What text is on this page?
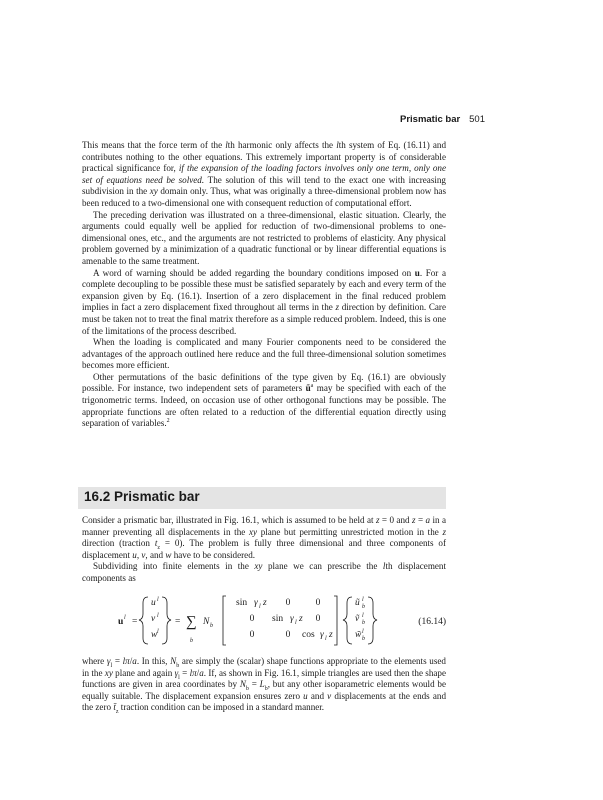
Prismatic bar 501

This means that the force term of the lth harmonic only affects the lth system of Eq. (16.11) and contributes nothing to the other equations. This extremely important property is of considerable practical significance for, if the expansion of the loading factors involves only one term, only one set of equations need be solved. The solution of this will tend to the exact one with increasing subdivision in the xy domain only. Thus, what was originally a three-dimensional problem now has been reduced to a two-dimensional one with consequent reduction of computational effort.

The preceding derivation was illustrated on a three-dimensional, elastic situation. Clearly, the arguments could equally well be applied for reduction of two-dimensional problems to one-dimensional ones, etc., and the arguments are not restricted to problems of elasticity. Any physical problem governed by a minimization of a quadratic functional or by linear differential equations is amenable to the same treatment.

A word of warning should be added regarding the boundary conditions imposed on u. For a complete decoupling to be possible these must be satisfied separately by each and every term of the expansion given by Eq. (16.1). Insertion of a zero displacement in the final reduced problem implies in fact a zero displacement fixed throughout all terms in the z direction by definition. Care must be taken not to treat the final matrix therefore as a simple reduced problem. Indeed, this is one of the limitations of the process described.

When the loading is complicated and many Fourier components need to be considered the advantages of the approach outlined here reduce and the full three-dimensional solution sometimes becomes more efficient.

Other permutations of the basic definitions of the type given by Eq. (16.1) are obviously possible. For instance, two independent sets of parameters $ũ^a$ may be specified with each of the trigonometric terms. Indeed, on occasion use of other orthogonal functions may be possible. The appropriate functions are often related to a reduction of the differential equation directly using separation of variables.$^2$

16.2 Prismatic bar

Consider a prismatic bar, illustrated in Fig. 16.1, which is assumed to be held at z = 0 and z = a in a manner preventing all displacements in the xy plane but permitting unrestricted motion in the z direction (traction $t_z = 0$). The problem is fully three dimensional and three components of displacement u, v, and w have to be considered.

Subdividing into finite elements in the xy plane we can prescribe the lth displacement components as

u l =
u l
v l
w l
= ∑
b
N b
sin γ l z 0	0
0 sin γ l z 0
0	0 cos γ l z
ũ l
b
ṽ l
b
w̃ l
b
(16.14)

where $\gamma_l = l\pi/a$. In this, $N_b$ are simply the (scalar) shape functions appropriate to the elements used in the xy plane and again $\gamma_l = l\pi/a$. If, as shown in Fig. 16.1, simple triangles are used then the shape functions are given in area coordinates by $N_b = L_b$, but any other isoparametric elements would be equally suitable. The displacement expansion ensures zero u and v displacements at the ends and the zero $t̄_z$ traction condition can be imposed in a standard manner.
